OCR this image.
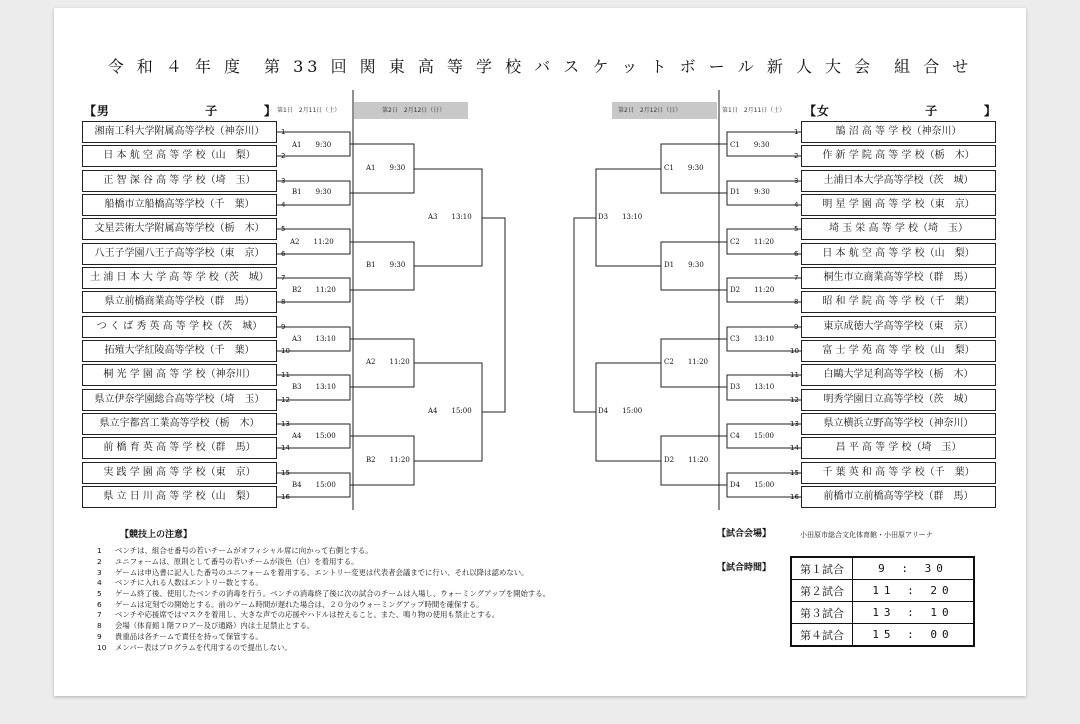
令 和 ４ 年 度　第 33 回 関 東 高 等 学 校 バ ス ケ ッ ト ボ ー ル 新 人 大 会　組 合 せ
【 男 子 】	【 女 子 】
第1日　2月11日（土）	第2日　2月12日（日）	第2日　2月12日（日）	第1日　2月11日（土）
湘南工科大学附属高等学校（神奈川）
日 本 航 空 高 等 学 校（山　梨）
正 智 深 谷 高 等 学 校（埼　玉）
船橋市立船橋高等学校（千　葉）
文星芸術大学附属高等学校（栃　木）
八王子学園八王子高等学校（東　京）
土 浦 日 本 大 学 高 等 学 校（茨　城）
県立前橋商業高等学校（群　馬）
つ く ば 秀 英 高 等 学 校（茨　城）
拓殖大学紅陵高等学校（千　葉）
桐 光 学 園 高 等 学 校（神奈川）
県立伊奈学園総合高等学校（埼　玉）
県立宇都宮工業高等学校（栃　木）
前 橋 育 英 高 等 学 校（群　馬）
実 践 学 園 高 等 学 校（東　京）
県 立 日 川 高 等 学 校（山　梨）
鵠 沼 高 等 学 校（神奈川）
作 新 学 院 高 等 学 校（栃　木）
土浦日本大学高等学校（茨　城）
明 星 学 園 高 等 学 校（東　京）
埼 玉 栄 高 等 学 校（埼　玉）
日 本 航 空 高 等 学 校（山　梨）
桐生市立商業高等学校（群　馬）
昭 和 学 院 高 等 学 校（千　葉）
東京成徳大学高等学校（東　京）
富 士 学 苑 高 等 学 校（山　梨）
白鷗大学足利高等学校（栃　木）
明秀学園日立高等学校（茨　城）
県立横浜立野高等学校（神奈川）
昌 平 高 等 学 校（埼　玉）
千 葉 英 和 高 等 学 校（千　葉）
前橋市立前橋高等学校（群　馬）
1
2
3
4
5
6
7
8
9
10
11
12
13
14
15
16
1
2
3
4
5
6
7
8
9
10
11
12
13
14
15
16
A1　　 9:30
B1　　 9:30
A2　　 11:20
B2　　 11:20
A3　　 13:10
B3　　 13:10
A4　　 15:00
B4　　 15:00
A1　　 9:30
B1　　 9:30
A2　　 11:20
B2　　 11:20
A3　　 13:10
A4　　 15:00
C1　　 9:30
D1　　 9:30
C2　　 11:20
D2　　 11:20
C3　　 13:10
D3　　 13:10
C4　　 15:00
D4　　 15:00
C1　　 9:30
D1　　 9:30
C2　　 11:20
D2　　 11:20
D3　　 13:10
D4　　 15:00
【競技上の注意】
1 ベンチは、組合せ番号の若いチームがオフィシャル席に向かって右側とする。
2 ユニフォームは、原則として番号の若いチームが淡色（白）を着用する。
3 ゲームは申込書に記入した番号のユニフォームを着用する。エントリー変更は代表者会議までに行い、それ以降は認めない。
4 ベンチに入れる人数はエントリー数とする。
5 ゲーム終了後、使用したベンチの消毒を行う。ベンチの消毒終了後に次の試合のチームは入場し、ウォーミングアップを開始する。
6 ゲームは定刻での開始とする。前のゲーム時間が遅れた場合は、２０分のウォーミングアップ時間を確保する。
7 ベンチや応援席ではマスクを着用し、大きな声での応援やハドルは控えること。また、鳴り物の使用も禁止とする。
8 会場（体育館１階フロアー及び通路）内は土足禁止とする。
9 貴重品は各チームで責任を持って保管する。
10 メンバー表はプログラムを代用するので提出しない。
【試合会場】	小田原市総合文化体育館・小田原アリーナ
【試合時間】	第１試合	9 : 30
第２試合	11 : 20
第３試合	13 : 10
第４試合	15 : 00
